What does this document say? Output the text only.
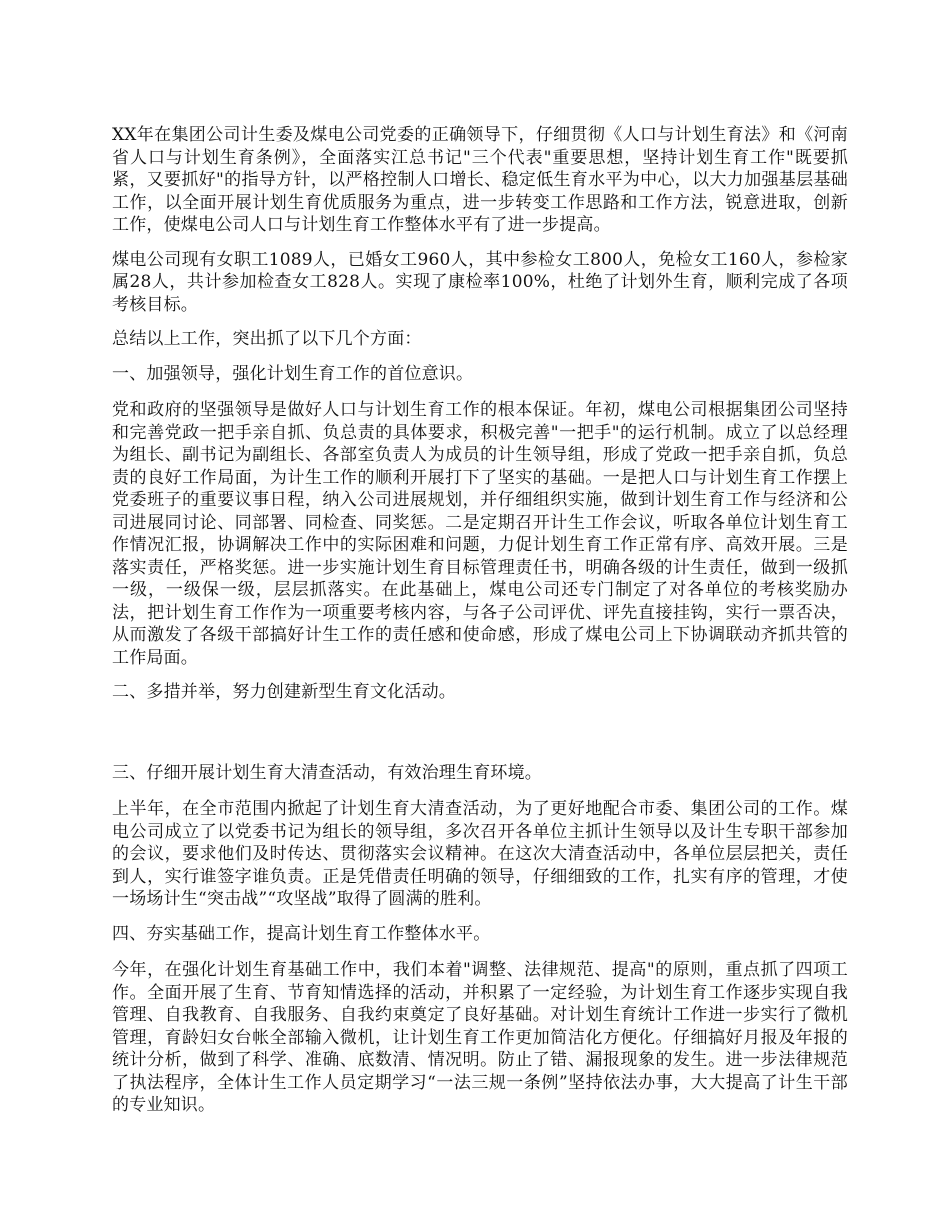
XX年在集团公司计生委及煤电公司党委的正确领导下，仔细贯彻《人口与计划生育法》和《河南省人口与计划生育条例》，全面落实江总书记"三个代表"重要思想，坚持计划生育工作"既要抓紧，又要抓好"的指导方针，以严格控制人口增长、稳定低生育水平为中心，以大力加强基层基础工作，以全面开展计划生育优质服务为重点，进一步转变工作思路和工作方法，锐意进取，创新工作，使煤电公司人口与计划生育工作整体水平有了进一步提高。

煤电公司现有女职工1089人，已婚女工960人，其中参检女工800人，免检女工160人，参检家属28人，共计参加检查女工828人。实现了康检率100%，杜绝了计划外生育，顺利完成了各项考核目标。

总结以上工作，突出抓了以下几个方面：

一、加强领导，强化计划生育工作的首位意识。

党和政府的坚强领导是做好人口与计划生育工作的根本保证。年初，煤电公司根据集团公司坚持和完善党政一把手亲自抓、负总责的具体要求，积极完善"一把手"的运行机制。成立了以总经理为组长、副书记为副组长、各部室负责人为成员的计生领导组，形成了党政一把手亲自抓，负总责的良好工作局面，为计生工作的顺利开展打下了坚实的基础。一是把人口与计划生育工作摆上党委班子的重要议事日程，纳入公司进展规划，并仔细组织实施，做到计划生育工作与经济和公司进展同讨论、同部署、同检查、同奖惩。二是定期召开计生工作会议，听取各单位计划生育工作情况汇报，协调解决工作中的实际困难和问题，力促计划生育工作正常有序、高效开展。三是落实责任，严格奖惩。进一步实施计划生育目标管理责任书，明确各级的计生责任，做到一级抓一级，一级保一级，层层抓落实。在此基础上，煤电公司还专门制定了对各单位的考核奖励办法，把计划生育工作作为一项重要考核内容，与各子公司评优、评先直接挂钩，实行一票否决，从而激发了各级干部搞好计生工作的责任感和使命感，形成了煤电公司上下协调联动齐抓共管的工作局面。

二、多措并举，努力创建新型生育文化活动。

三、仔细开展计划生育大清查活动，有效治理生育环境。

上半年，在全市范围内掀起了计划生育大清查活动，为了更好地配合市委、集团公司的工作。煤电公司成立了以党委书记为组长的领导组，多次召开各单位主抓计生领导以及计生专职干部参加的会议，要求他们及时传达、贯彻落实会议精神。在这次大清查活动中，各单位层层把关，责任到人，实行谁签字谁负责。正是凭借责任明确的领导，仔细细致的工作，扎实有序的管理，才使一场场计生“突击战”“攻坚战”取得了圆满的胜利。

四、夯实基础工作，提高计划生育工作整体水平。

今年，在强化计划生育基础工作中，我们本着"调整、法律规范、提高"的原则，重点抓了四项工作。全面开展了生育、节育知情选择的活动，并积累了一定经验，为计划生育工作逐步实现自我管理、自我教育、自我服务、自我约束奠定了良好基础。对计划生育统计工作进一步实行了微机管理，育龄妇女台帐全部输入微机，让计划生育工作更加简洁化方便化。仔细搞好月报及年报的统计分析，做到了科学、准确、底数清、情况明。防止了错、漏报现象的发生。进一步法律规范了执法程序，全体计生工作人员定期学习“一法三规一条例”坚持依法办事，大大提高了计生干部的专业知识。
